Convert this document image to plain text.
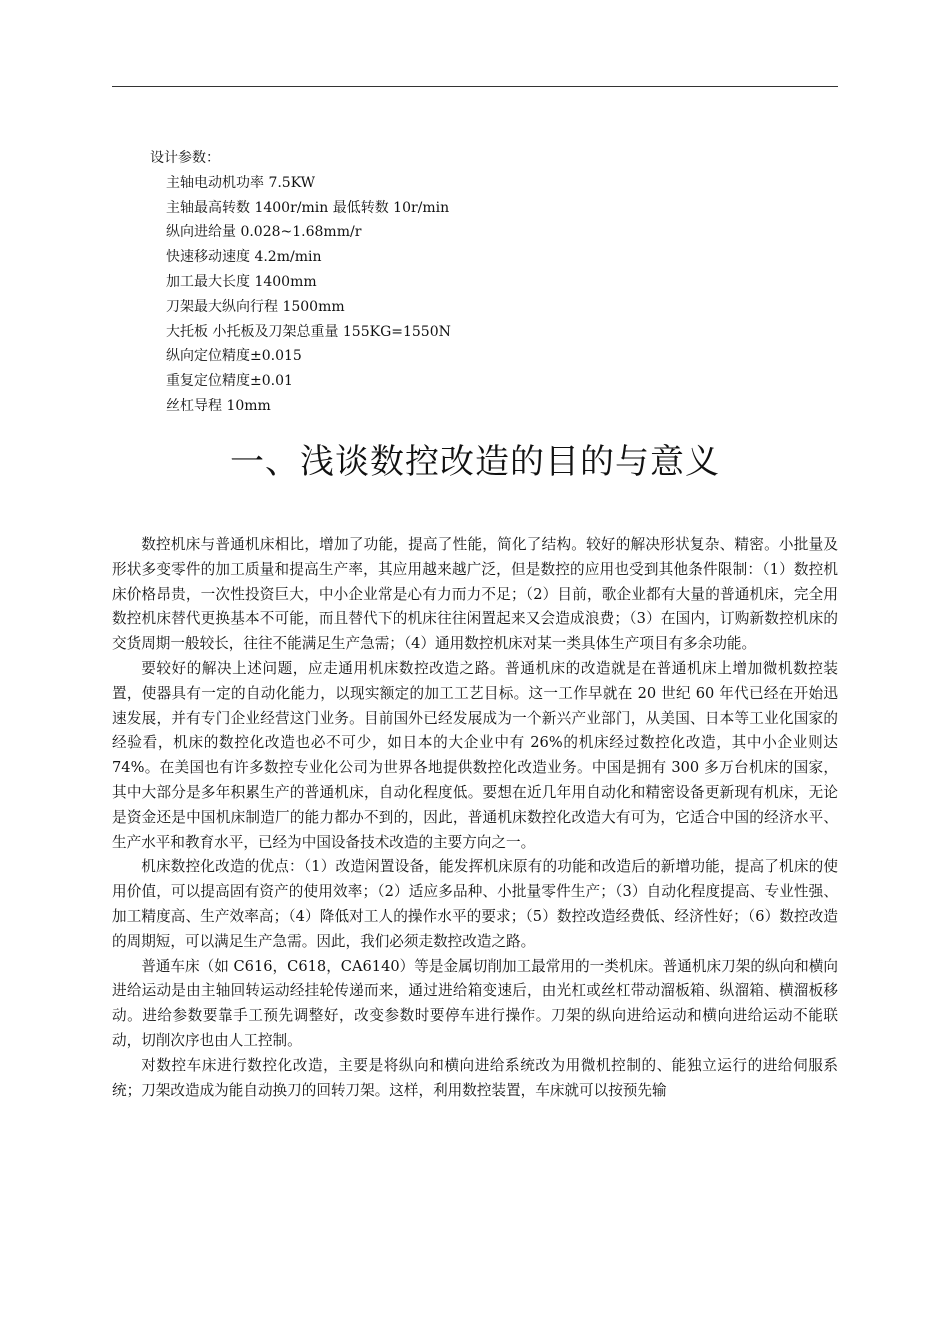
设计参数：

主轴电动机功率 7.5KW

主轴最高转数 1400r/min 最低转数 10r/min

纵向进给量 0.028~1.68mm/r

快速移动速度 4.2m/min

加工最大长度 1400mm

刀架最大纵向行程 1500mm

大托板 小托板及刀架总重量 155KG=1550N

纵向定位精度±0.015

重复定位精度±0.01

丝杠导程 10mm

一、浅谈数控改造的目的与意义

数控机床与普通机床相比，增加了功能，提高了性能，简化了结构。较好的解决形状复杂、精密。小批量及形状多变零件的加工质量和提高生产率，其应用越来越广泛，但是数控的应用也受到其他条件限制：（1）数控机床价格昂贵，一次性投资巨大，中小企业常是心有力而力不足；（2）目前，歌企业都有大量的普通机床，完全用数控机床替代更换基本不可能，而且替代下的机床往往闲置起来又会造成浪费；（3）在国内，订购新数控机床的交货周期一般较长，往往不能满足生产急需；（4）通用数控机床对某一类具体生产项目有多余功能。

要较好的解决上述问题，应走通用机床数控改造之路。普通机床的改造就是在普通机床上增加微机数控装置，使器具有一定的自动化能力，以现实额定的加工工艺目标。这一工作早就在 20 世纪 60 年代已经在开始迅速发展，并有专门企业经营这门业务。目前国外已经发展成为一个新兴产业部门，从美国、日本等工业化国家的经验看，机床的数控化改造也必不可少，如日本的大企业中有 26%的机床经过数控化改造，其中小企业则达 74%。在美国也有许多数控专业化公司为世界各地提供数控化改造业务。中国是拥有 300 多万台机床的国家，其中大部分是多年积累生产的普通机床，自动化程度低。要想在近几年用自动化和精密设备更新现有机床，无论是资金还是中国机床制造厂的能力都办不到的，因此，普通机床数控化改造大有可为，它适合中国的经济水平、生产水平和教育水平，已经为中国设备技术改造的主要方向之一。

机床数控化改造的优点：（1）改造闲置设备，能发挥机床原有的功能和改造后的新增功能，提高了机床的使用价值，可以提高固有资产的使用效率；（2）适应多品种、小批量零件生产；（3）自动化程度提高、专业性强、加工精度高、生产效率高；（4）降低对工人的操作水平的要求；（5）数控改造经费低、经济性好；（6）数控改造的周期短，可以满足生产急需。因此，我们必须走数控改造之路。

普通车床（如 C616，C618，CA6140）等是金属切削加工最常用的一类机床。普通机床刀架的纵向和横向进给运动是由主轴回转运动经挂轮传递而来，通过进给箱变速后，由光杠或丝杠带动溜板箱、纵溜箱、横溜板移动。进给参数要靠手工预先调整好，改变参数时要停车进行操作。刀架的纵向进给运动和横向进给运动不能联动，切削次序也由人工控制。

对数控车床进行数控化改造，主要是将纵向和横向进给系统改为用微机控制的、能独立运行的进给伺服系统；刀架改造成为能自动换刀的回转刀架。这样，利用数控装置，车床就可以按预先输
